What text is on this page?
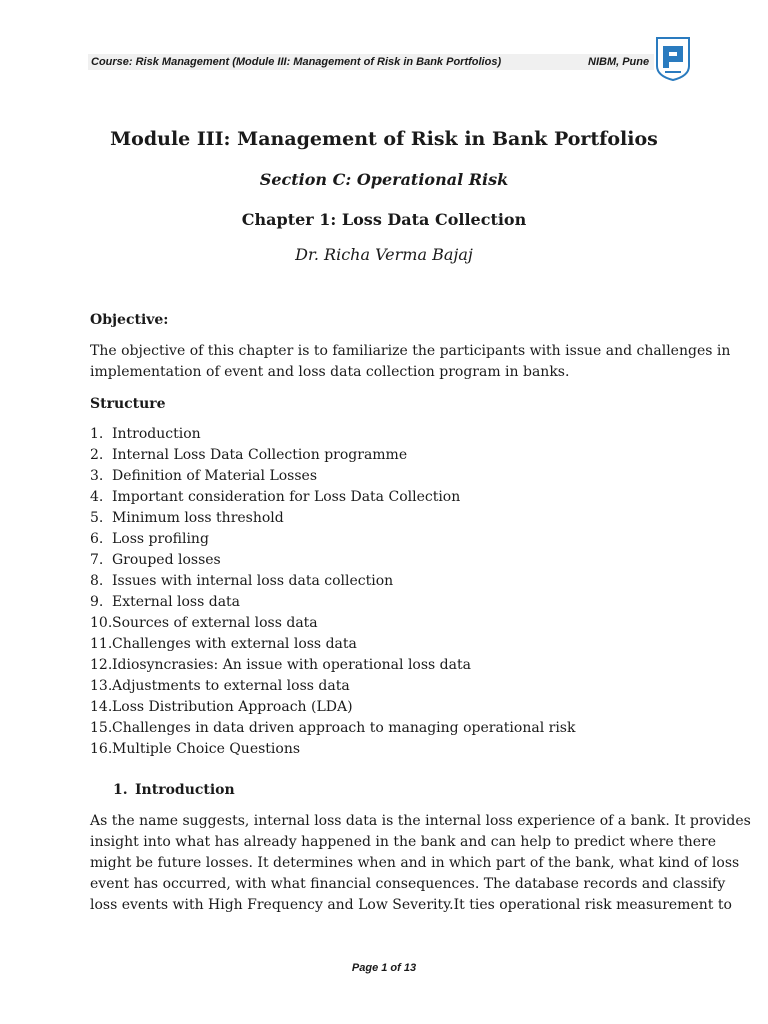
Course: Risk Management (Module III: Management of Risk in Bank Portfolios)	NIBM, Pune
Module III: Management of Risk in Bank Portfolios
Section C: Operational Risk
Chapter 1: Loss Data Collection
Dr. Richa Verma Bajaj
Objective:
The objective of this chapter is to familiarize the participants with issue and challenges in
implementation of event and loss data collection program in banks.
Structure
1. Introduction
2. Internal Loss Data Collection programme
3. Definition of Material Losses
4. Important consideration for Loss Data Collection
5. Minimum loss threshold
6. Loss profiling
7. Grouped losses
8. Issues with internal loss data collection
9. External loss data
10. Sources of external loss data
11. Challenges with external loss data
12. Idiosyncrasies: An issue with operational loss data
13. Adjustments to external loss data
14. Loss Distribution Approach (LDA)
15. Challenges in data driven approach to managing operational risk
16. Multiple Choice Questions
1. Introduction
As the name suggests, internal loss data is the internal loss experience of a bank. It provides
insight into what has already happened in the bank and can help to predict where there
might be future losses. It determines when and in which part of the bank, what kind of loss
event has occurred, with what financial consequences. The database records and classify
loss events with High Frequency and Low Severity.It ties operational risk measurement to
Page 1 of 13
